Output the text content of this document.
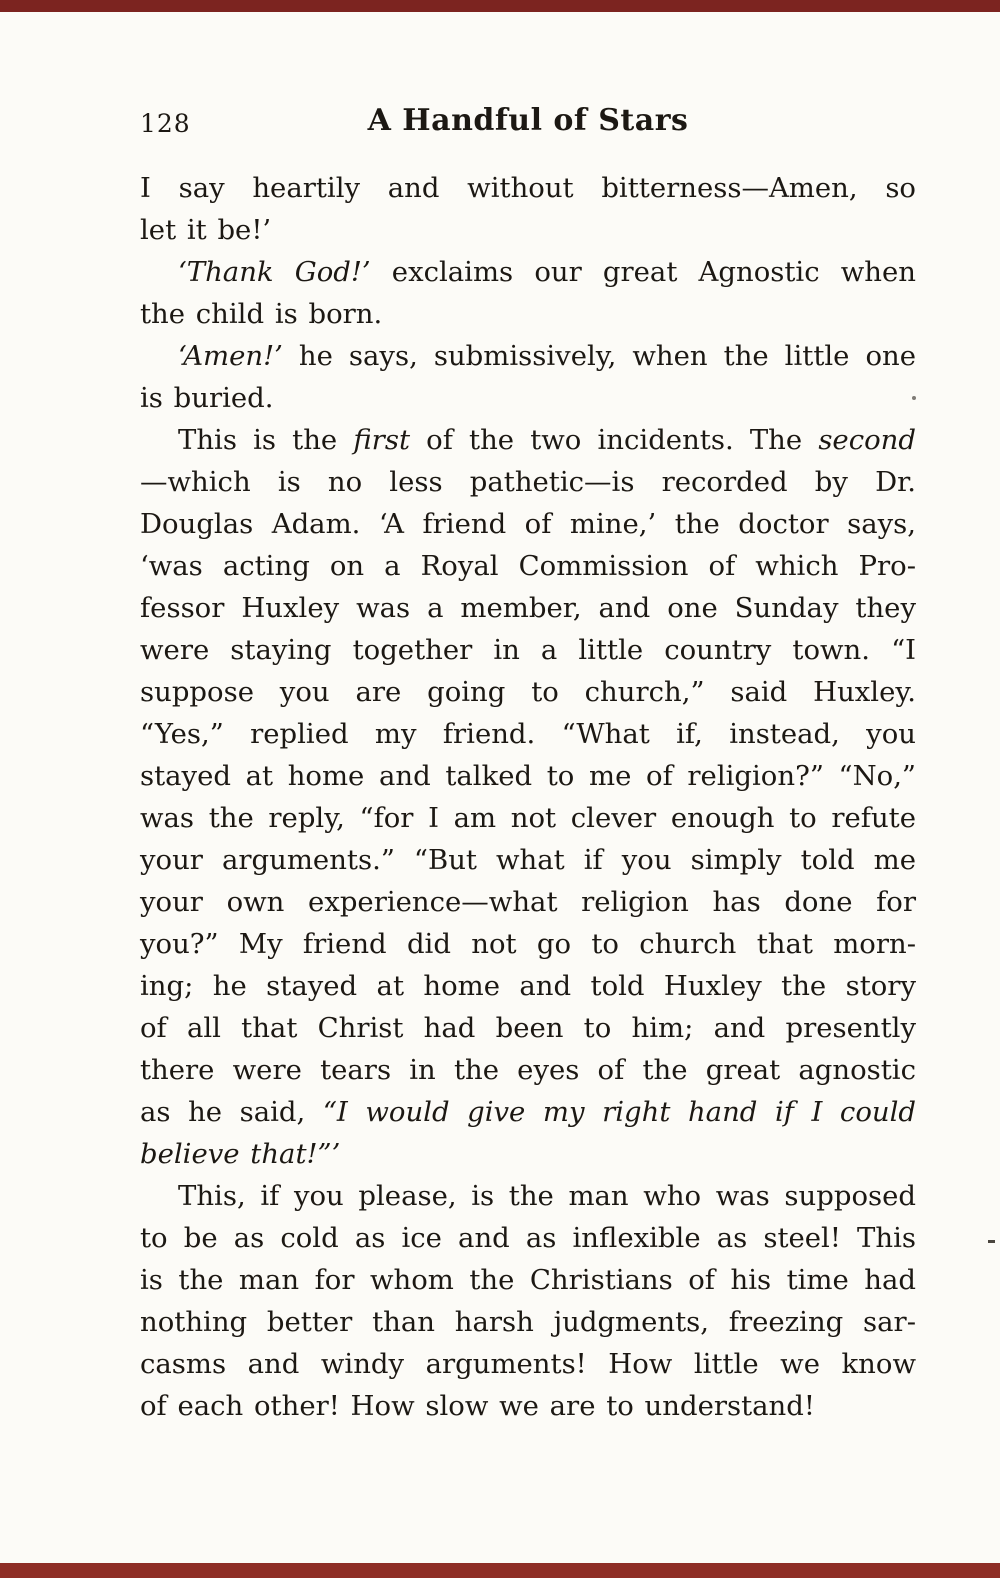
128	A Handful of Stars
I say heartily and without bitterness—Amen, so
let it be!’
‘Thank God!’ exclaims our great Agnostic when
the child is born.
‘Amen!’ he says, submissively, when the little one
is buried.
This is the first of the two incidents. The second
—which is no less pathetic—is recorded by Dr.
Douglas Adam. ‘A friend of mine,’ the doctor says,
‘was acting on a Royal Commission of which Pro-
fessor Huxley was a member, and one Sunday they
were staying together in a little country town. “I
suppose you are going to church,” said Huxley.
“Yes,” replied my friend. “What if, instead, you
stayed at home and talked to me of religion?” “No,”
was the reply, “for I am not clever enough to refute
your arguments.” “But what if you simply told me
your own experience—what religion has done for
you?” My friend did not go to church that morn-
ing; he stayed at home and told Huxley the story
of all that Christ had been to him; and presently
there were tears in the eyes of the great agnostic
as he said, “I would give my right hand if I could
believe that!”’
This, if you please, is the man who was supposed
to be as cold as ice and as inflexible as steel! This
is the man for whom the Christians of his time had
nothing better than harsh judgments, freezing sar-
casms and windy arguments! How little we know
of each other! How slow we are to understand!
